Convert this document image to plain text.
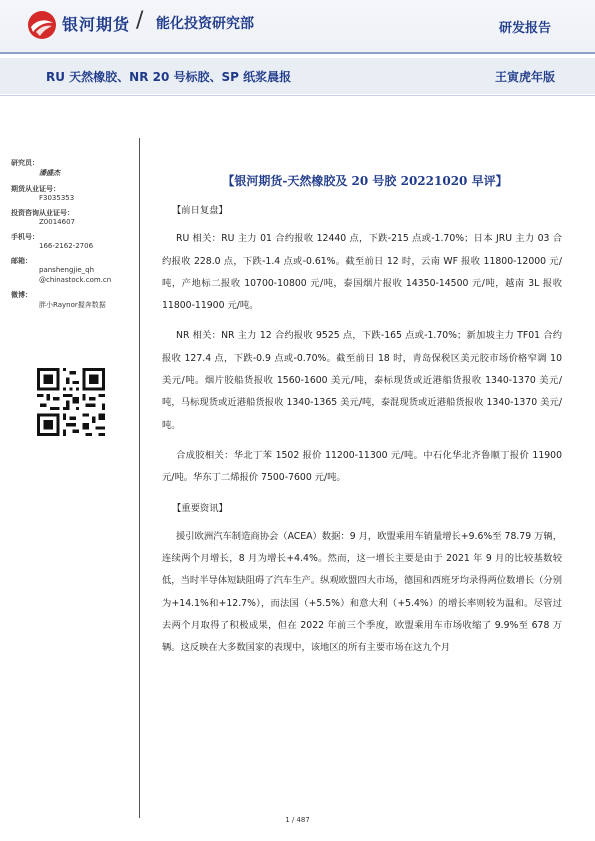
银河期货 / 能化投资研究部	研发报告
RU 天然橡胶、NR 20 号标胶、SP 纸浆晨报	王寅虎年版
研究员：
潘盛杰
期货从业证号：
F3035353
投资咨询从业证号：
Z0014607
手机号：
166-2162-2706
邮箱：
panshengjie_qh
@chinastock.com.cn
微博：
胖小Raynor握奔数据
【银河期货-天然橡胶及 20 号胶 20221020 早评】

【前日复盘】

RU 相关：RU 主力 01 合约报收 12440 点，下跌-215 点或-1.70%；日本 JRU 主力 03 合约报收 228.0 点，下跌-1.4 点或-0.61%。截至前日 12 时，云南 WF 报收 11800-12000 元/吨，产地标二报收 10700-10800 元/吨，泰国烟片报收 14350-14500 元/吨，越南 3L 报收 11800-11900 元/吨。

NR 相关：NR 主力 12 合约报收 9525 点，下跌-165 点或-1.70%；新加坡主力 TF01 合约报收 127.4 点，下跌-0.9 点或-0.70%。截至前日 18 时，青岛保税区美元胶市场价格窄调 10 美元/吨。烟片胶船货报收 1560-1600 美元/吨，泰标现货或近港船货报收 1340-1370 美元/吨，马标现货或近港船货报收 1340-1365 美元/吨，泰混现货或近港船货报收 1340-1370 美元/吨。

合成胶相关：华北丁苯 1502 报价 11200-11300 元/吨。中石化华北齐鲁顺丁报价 11900 元/吨。华东丁二烯报价 7500-7600 元/吨。

【重要资讯】

援引欧洲汽车制造商协会（ACEA）数据：9 月，欧盟乘用车销量增长+9.6%至 78.79 万辆，连续两个月增长，8 月为增长+4.4%。然而，这一增长主要是由于 2021 年 9 月的比较基数较低，当时半导体短缺阻碍了汽车生产。纵观欧盟四大市场，德国和西班牙均录得两位数增长（分别为+14.1%和+12.7%），而法国（+5.5%）和意大利（+5.4%）的增长率则较为温和。尽管过去两个月取得了积极成果，但在 2022 年前三个季度，欧盟乘用车市场收缩了 9.9%至 678 万辆。这反映在大多数国家的表现中，该地区的所有主要市场在这九个月

1 / 487
